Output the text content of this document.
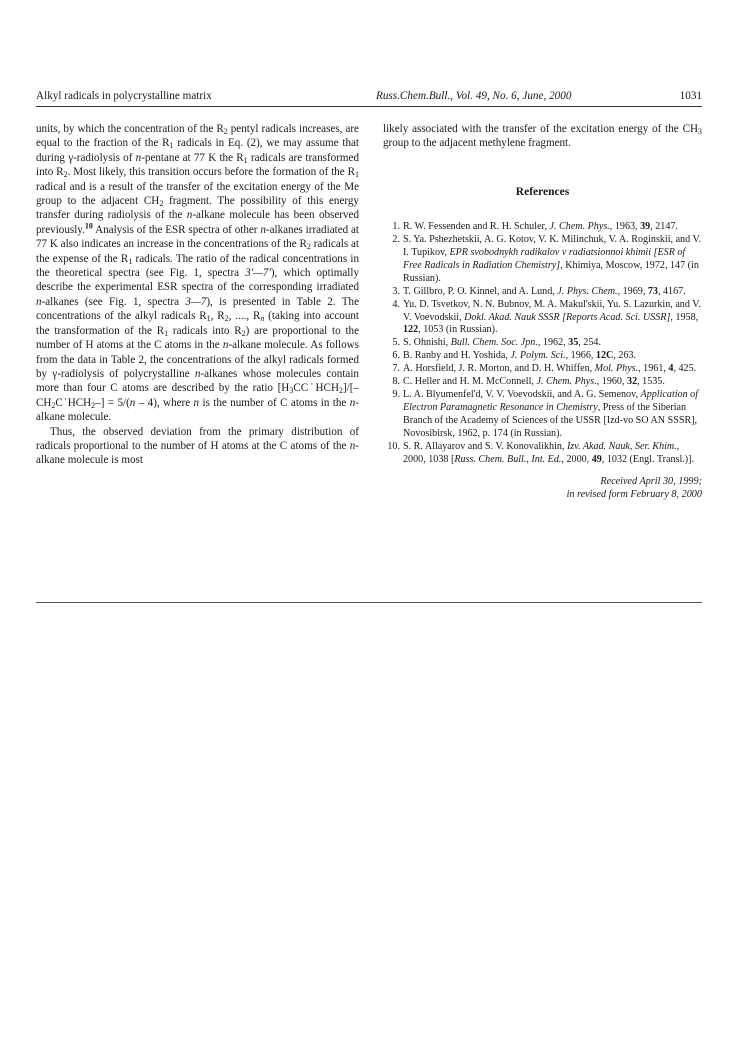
Alkyl radicals in polycrystalline matrix	Russ.Chem.Bull., Vol. 49, No. 6, June, 2000	1031

units, by which the concentration of the $R_2$ pentyl radicals increases, are equal to the fraction of the $R_1$ radicals in Eq. (2), we may assume that during γ-radiolysis of n-pentane at 77 K the $R_1$ radicals are transformed into $R_2$. Most likely, this transition occurs before the formation of the $R_1$ radical and is a result of the transfer of the excitation energy of the Me group to the adjacent $CH_2$ fragment. The possibility of this energy transfer during radiolysis of the n-alkane molecule has been observed previously.$^{10}$ Analysis of the ESR spectra of other n-alkanes irradiated at 77 K also indicates an increase in the concentrations of the $R_2$ radicals at the expense of the $R_1$ radicals. The ratio of the radical concentrations in the theoretical spectra (see Fig. 1, spectra 3'—7'), which optimally describe the experimental ESR spectra of the corresponding irradiated n-alkanes (see Fig. 1, spectra 3—7), is presented in Table 2. The concentrations of the alkyl radicals $R_1$, $R_2$, ...., $R_n$ (taking into account the transformation of the $R_1$ radicals into $R_2$) are proportional to the number of H atoms at the C atoms in the n-alkane molecule. As follows from the data in Table 2, the concentrations of the alkyl radicals formed by γ-radiolysis of polycrystalline n-alkanes whose molecules contain more than four C atoms are described by the ratio $[H_3CC˙HCH_2]/[-CH_2C˙HCH_2-] = 5/(n - 4)$, where n is the number of C atoms in the n-alkane molecule.

Thus, the observed deviation from the primary distribution of radicals proportional to the number of H atoms at the C atoms of the n-alkane molecule is most

likely associated with the transfer of the excitation energy of the $CH_3$ group to the adjacent methylene fragment.

References
1. R. W. Fessenden and R. H. Schuler, J. Chem. Phys., 1963, 39, 2147.
2. S. Ya. Pshezhetskii, A. G. Kotov, V. K. Milinchuk, V. A. Roginskii, and V. I. Tupikov, EPR svobodnykh radikalov v radiatsionnoi khimii [ESR of Free Radicals in Radiation Chemistry], Khimiya, Moscow, 1972, 147 (in Russian).
3. T. Gillbro, P. O. Kinnel, and A. Lund, J. Phys. Chem., 1969, 73, 4167.
4. Yu. D. Tsvetkov, N. N. Bubnov, M. A. Makul'skii, Yu. S. Lazurkin, and V. V. Voevodskii, Dokl. Akad. Nauk SSSR [Reports Acad. Sci. USSR], 1958, 122, 1053 (in Russian).
5. S. Ohnishi, Bull. Chem. Soc. Jpn., 1962, 35, 254.
6. B. Ranby and H. Yoshida, J. Polym. Sci., 1966, 12C, 263.
7. A. Horsfield, J. R. Morton, and D. H. Whiffen, Mol. Phys., 1961, 4, 425.
8. C. Heller and H. M. McConnell, J. Chem. Phys., 1960, 32, 1535.
9. L. A. Blyumenfel'd, V. V. Voevodskii, and A. G. Semenov, Application of Electron Paramagnetic Resonance in Chemistry, Press of the Siberian Branch of the Academy of Sciences of the USSR [Izd-vo SO AN SSSR], Novosibirsk, 1962, p. 174 (in Russian).
10. S. R. Allayarov and S. V. Konovalikhin, Izv. Akad. Nauk, Ser. Khim., 2000, 1038 [Russ. Chem. Bull., Int. Ed., 2000, 49, 1032 (Engl. Transl.)].
Received April 30, 1999;
in revised form February 8, 2000
